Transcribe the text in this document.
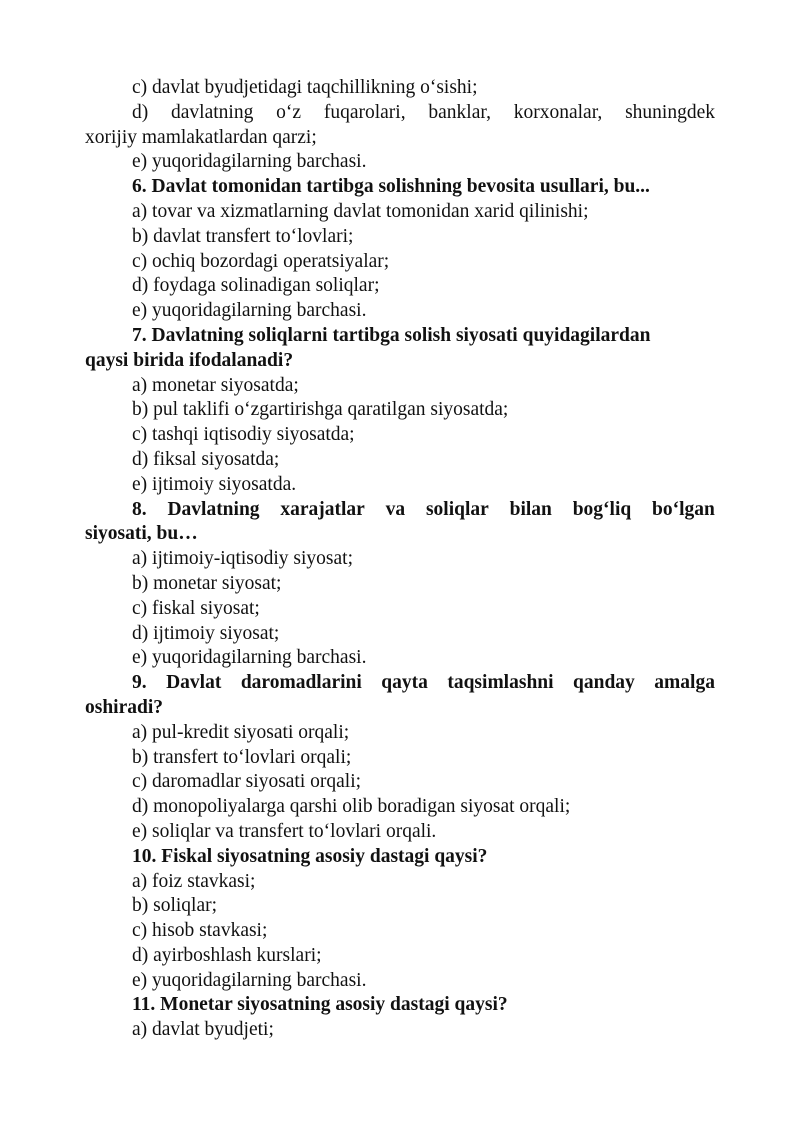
c) davlat byudjetidagi taqchillikning o‘sishi;
d) davlatning o‘z fuqarolari, banklar, korxonalar, shuningdek
xorijiy mamlakatlardan qarzi;
e) yuqoridagilarning barchasi.
6. Davlat tomonidan tartibga solishning bevosita usullari, bu...
a) tovar va xizmatlarning davlat tomonidan xarid qilinishi;
b) davlat transfert to‘lovlari;
c) ochiq bozordagi operatsiyalar;
d) foydaga solinadigan soliqlar;
e) yuqoridagilarning barchasi.
7. Davlatning soliqlarni tartibga solish siyosati quyidagilardan
qaysi birida ifodalanadi?
a) monetar siyosatda;
b) pul taklifi o‘zgartirishga qaratilgan siyosatda;
c) tashqi iqtisodiy siyosatda;
d) fiksal siyosatda;
e) ijtimoiy siyosatda.
8. Davlatning xarajatlar va soliqlar bilan bog‘liq bo‘lgan
siyosati, bu…
a) ijtimoiy-iqtisodiy siyosat;
b) monetar siyosat;
c) fiskal siyosat;
d) ijtimoiy siyosat;
e) yuqoridagilarning barchasi.
9. Davlat daromadlarini qayta taqsimlashni qanday amalga
oshiradi?
a) pul-kredit siyosati orqali;
b) transfert to‘lovlari orqali;
c) daromadlar siyosati orqali;
d) monopoliyalarga qarshi olib boradigan siyosat orqali;
e) soliqlar va transfert to‘lovlari orqali.
10. Fiskal siyosatning asosiy dastagi qaysi?
a) foiz stavkasi;
b) soliqlar;
c) hisob stavkasi;
d) ayirboshlash kurslari;
e) yuqoridagilarning barchasi.
11. Monetar siyosatning asosiy dastagi qaysi?
a) davlat byudjeti;
